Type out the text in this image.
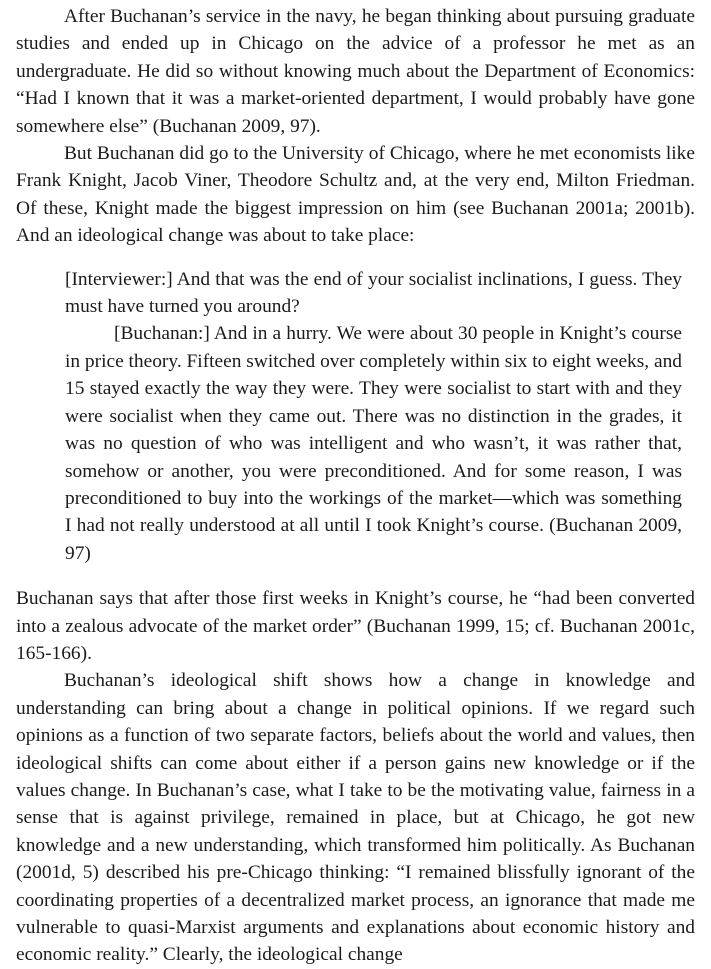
After Buchanan’s service in the navy, he began thinking about pursuing graduate studies and ended up in Chicago on the advice of a professor he met as an undergraduate. He did so without knowing much about the Department of Economics: “Had I known that it was a market-oriented department, I would probably have gone somewhere else” (Buchanan 2009, 97).

But Buchanan did go to the University of Chicago, where he met economists like Frank Knight, Jacob Viner, Theodore Schultz and, at the very end, Milton Friedman. Of these, Knight made the biggest impression on him (see Buchanan 2001a; 2001b). And an ideological change was about to take place:

[Interviewer:] And that was the end of your socialist inclinations, I guess. They must have turned you around?

[Buchanan:] And in a hurry. We were about 30 people in Knight’s course in price theory. Fifteen switched over completely within six to eight weeks, and 15 stayed exactly the way they were. They were socialist to start with and they were socialist when they came out. There was no distinction in the grades, it was no question of who was intelligent and who wasn’t, it was rather that, somehow or another, you were preconditioned. And for some reason, I was preconditioned to buy into the workings of the market—which was something I had not really understood at all until I took Knight’s course. (Buchanan 2009, 97)

Buchanan says that after those first weeks in Knight’s course, he “had been converted into a zealous advocate of the market order” (Buchanan 1999, 15; cf. Buchanan 2001c, 165-166).

Buchanan’s ideological shift shows how a change in knowledge and understanding can bring about a change in political opinions. If we regard such opinions as a function of two separate factors, beliefs about the world and values, then ideological shifts can come about either if a person gains new knowledge or if the values change. In Buchanan’s case, what I take to be the motivating value, fairness in a sense that is against privilege, remained in place, but at Chicago, he got new knowledge and a new understanding, which transformed him politically. As Buchanan (2001d, 5) described his pre-Chicago thinking: “I remained blissfully ignorant of the coordinating properties of a decentralized market process, an ignorance that made me vulnerable to quasi-Marxist arguments and explanations about economic history and economic reality.” Clearly, the ideological change
